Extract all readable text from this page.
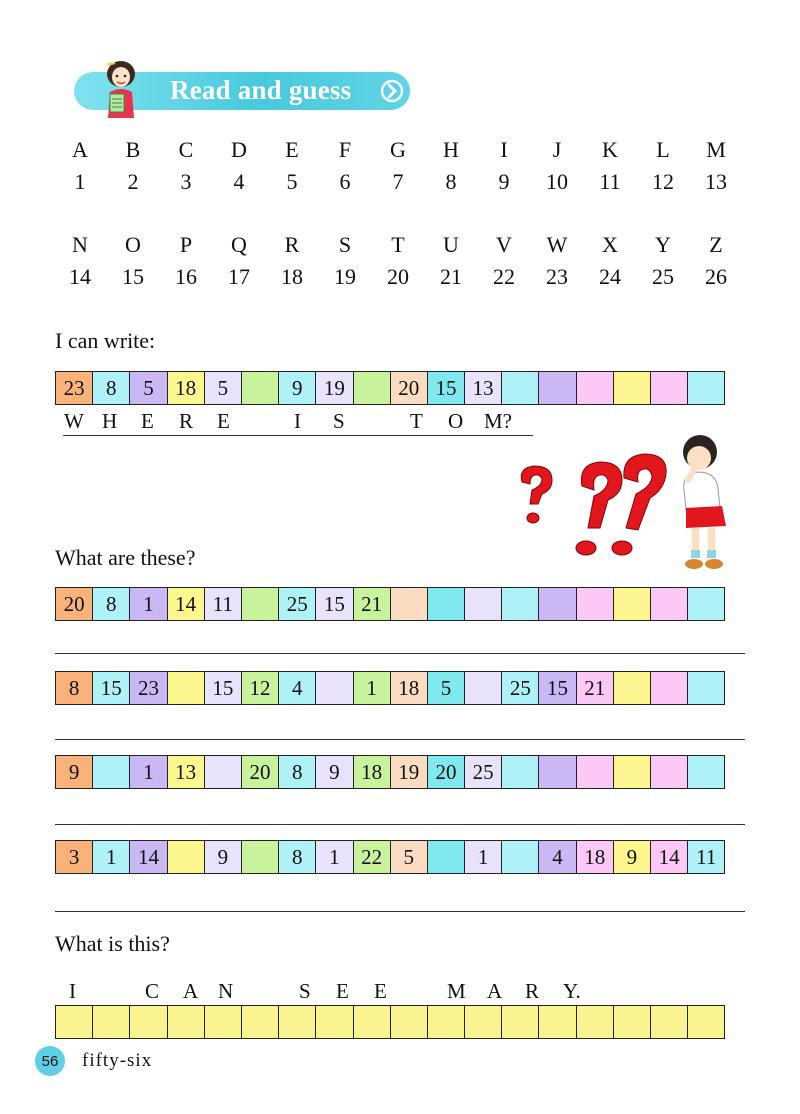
Read and guess
A
1
B
2
C
3
D
4
E
5
F
6
G
7
H
8
I
9
J
10
K
11
L
12
M
13
N
14
O
15
P
16
Q
17
R
18
S
19
T
20
U
21
V
22
W
23
X
24
Y
25
Z
26
I can write:
23	8	5	18	5	9	19	20 15 13
W H E R E	I S	T O M?
What are these?
20	8	1	14 11	25 15 21
8	15 23	15 12	4	1	18	5	25 15 21
9	1	13	20	8	9	18 19 20 25
3	1	14	9	8	1	22	5	1	4	18	9	14 11
What is this?
I	C A N	S E E	M A R Y.
56	fifty-six
